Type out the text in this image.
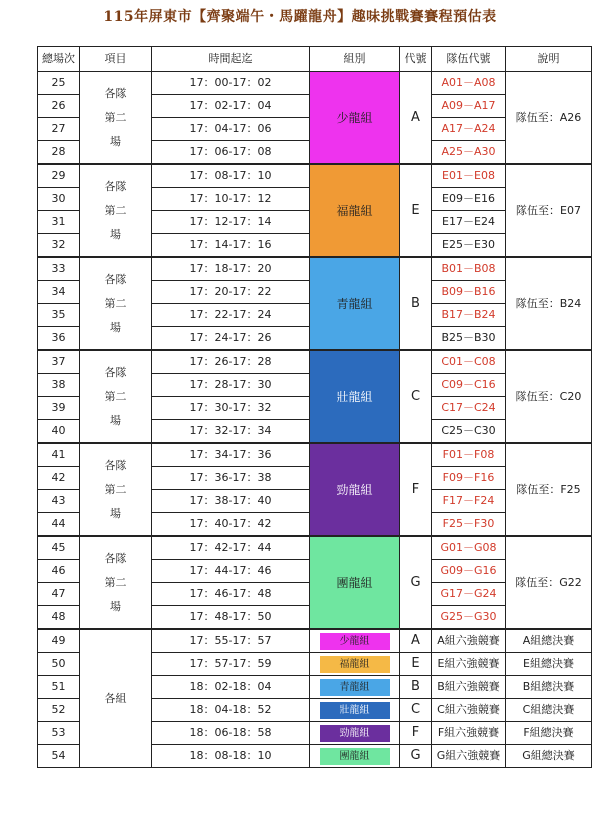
115年屏東市【齊聚端午・馬躍龍舟】趣味挑戰賽賽程預估表
總場次	項目	時間起迄	組別	代號	隊伍代號	說明
25	各隊第二場	17：00-17：02	少龍組	A	A01－A08	隊伍至：A26
26		17：02-17：04			A09－A17	
27		17：04-17：06			A17－A24	
28		17：06-17：08			A25－A30	
29	各隊第二場	17：08-17：10	福龍組	E	E01－E08	隊伍至：E07
30		17：10-17：12			E09－E16	
31		17：12-17：14			E17－E24	
32		17：14-17：16			E25－E30	
33	各隊第二場	17：18-17：20	青龍組	B	B01－B08	隊伍至：B24
34		17：20-17：22			B09－B16	
35		17：22-17：24			B17－B24	
36		17：24-17：26			B25－B30	
37	各隊第二場	17：26-17：28	壯龍組	C	C01－C08	隊伍至：C20
38		17：28-17：30			C09－C16	
39		17：30-17：32			C17－C24	
40		17：32-17：34			C25－C30	
41	各隊第二場	17：34-17：36	勁龍組	F	F01－F08	隊伍至：F25
42		17：36-17：38			F09－F16	
43		17：38-17：40			F17－F24	
44		17：40-17：42			F25－F30	
45	各隊第二場	17：42-17：44	團龍組	G	G01－G08	隊伍至：G22
46		17：44-17：46			G09－G16	
47		17：46-17：48			G17－G24	
48		17：48-17：50			G25－G30	
49	各組	17：55-17：57	少龍組	A	A組六強競賽	A組總決賽
50		17：57-17：59	福龍組	E	E組六強競賽	E組總決賽
51		18：02-18：04	青龍組	B	B組六強競賽	B組總決賽
52		18：04-18：52	壯龍組	C	C組六強競賽	C組總決賽
53		18：06-18：58	勁龍組	F	F組六強競賽	F組總決賽
54		18：08-18：10	團龍組	G	G組六強競賽	G組總決賽
